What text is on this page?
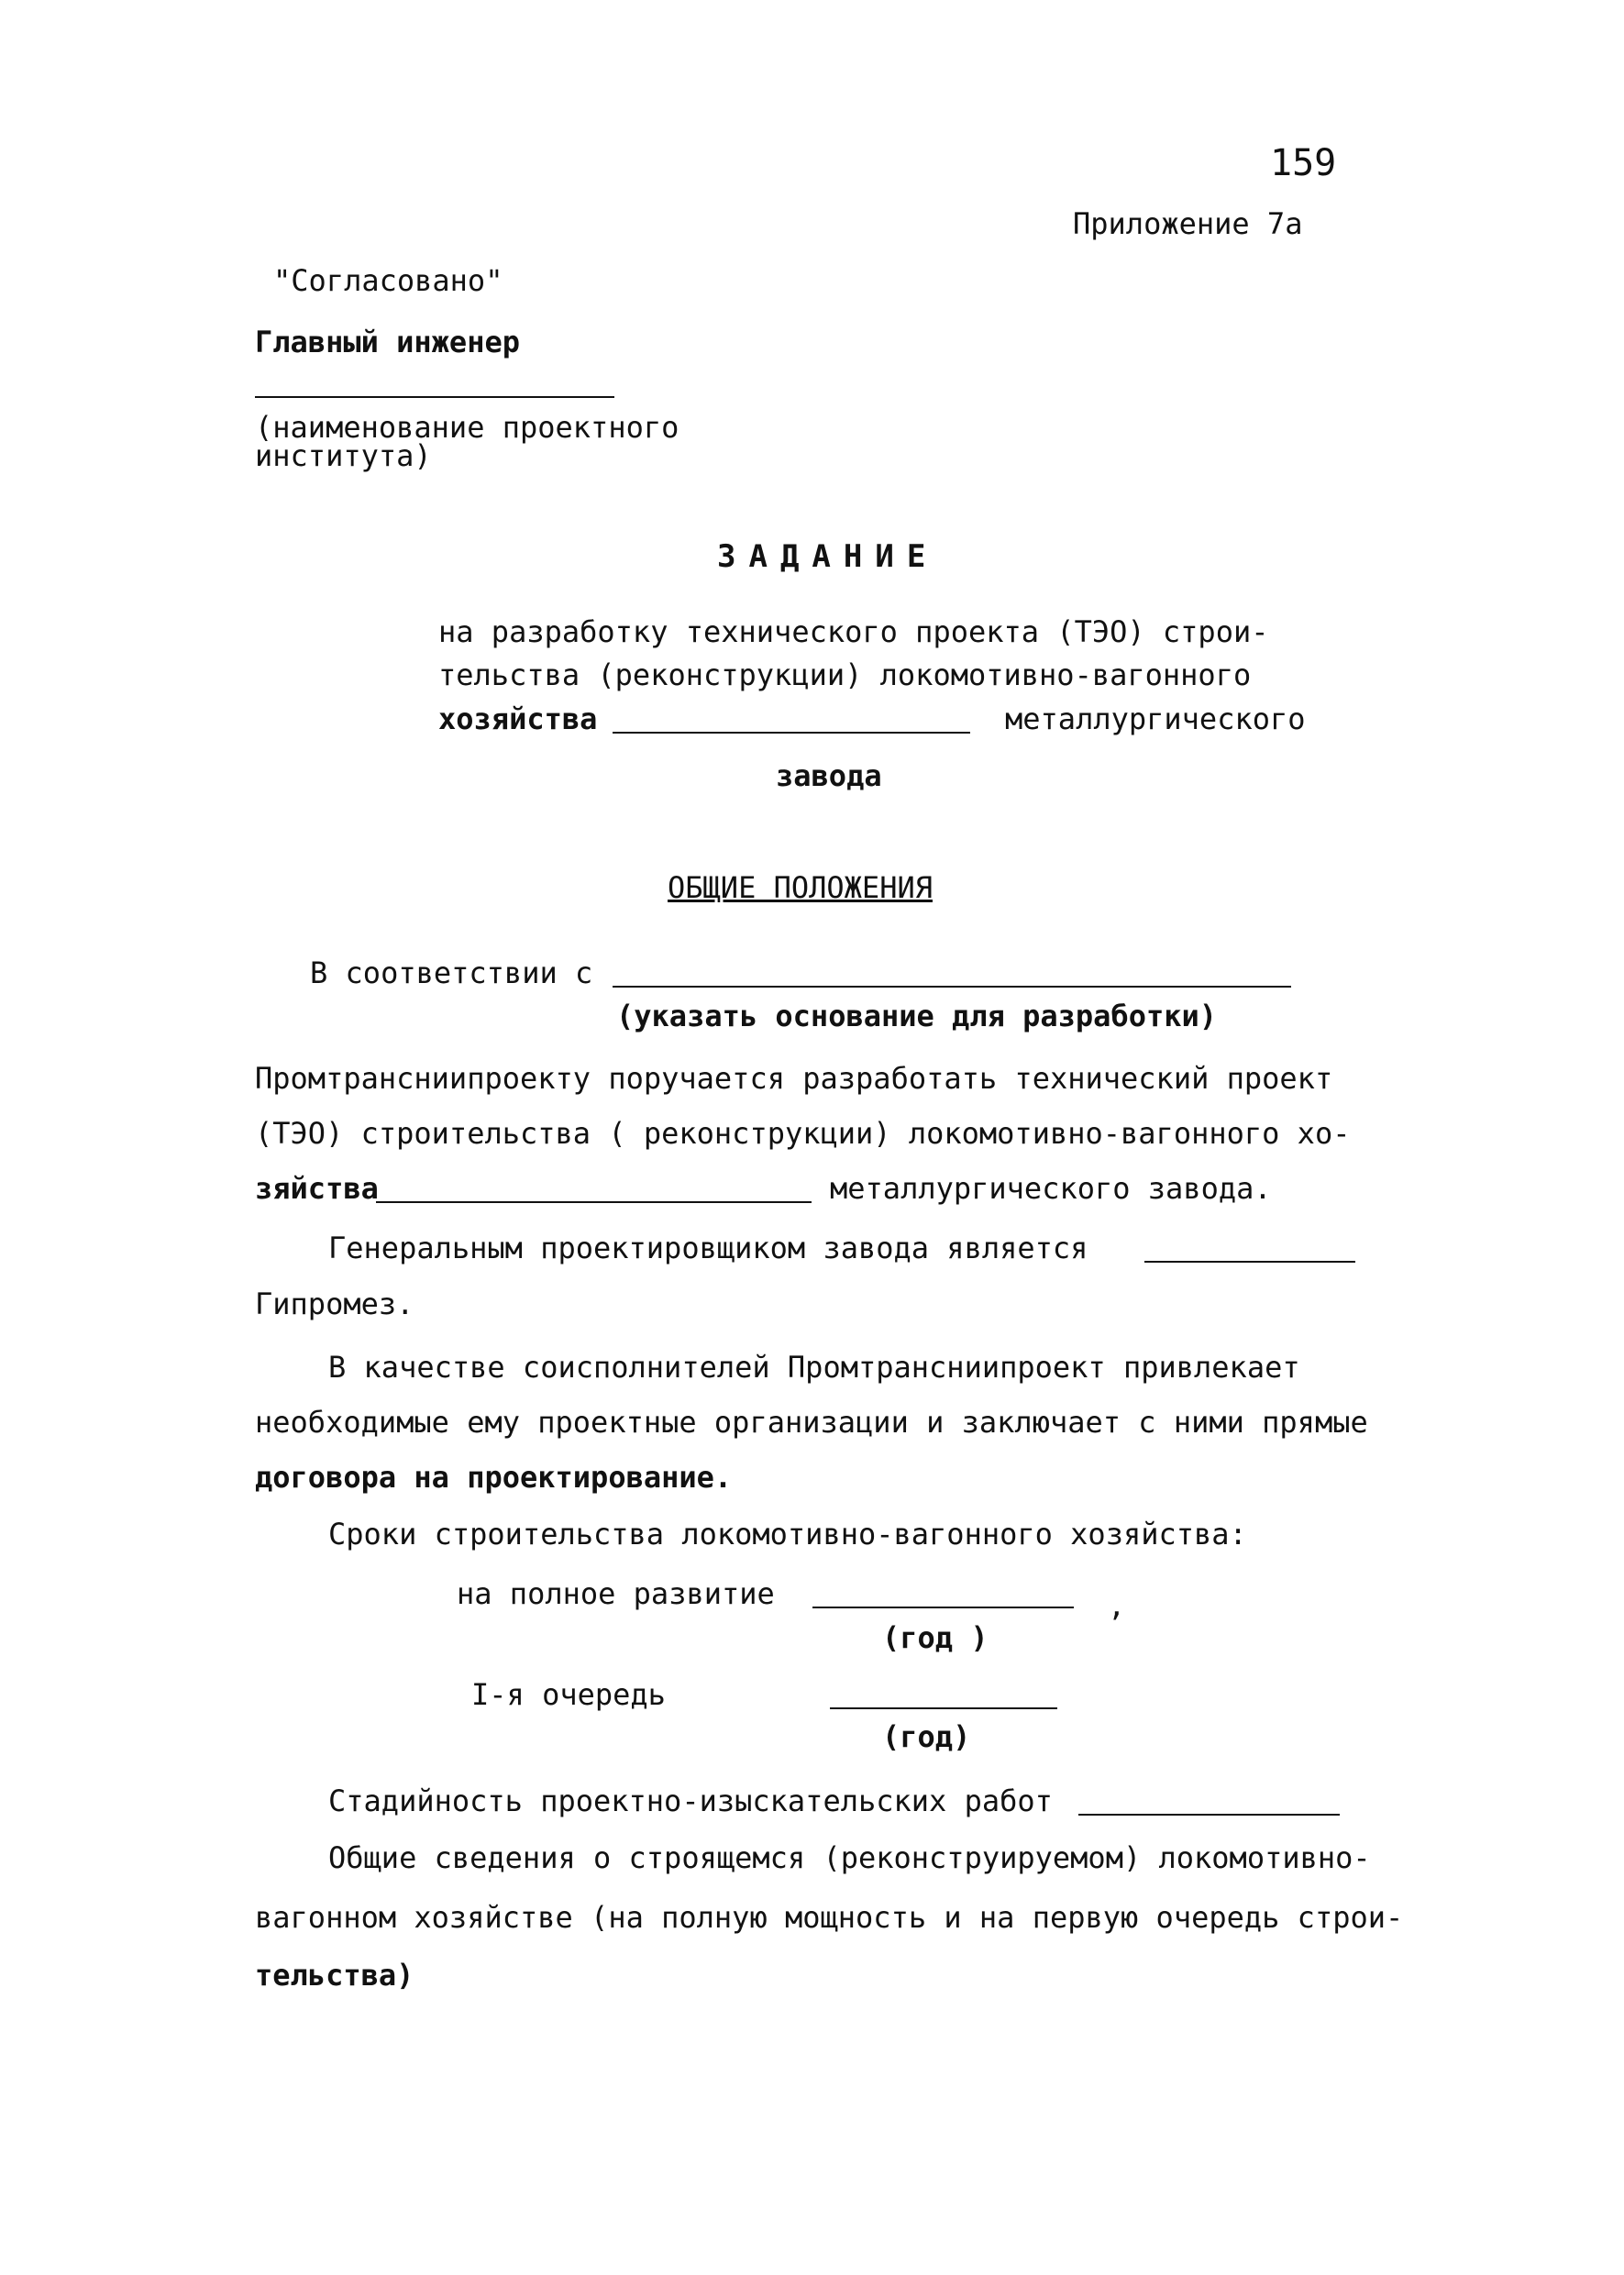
159
Приложение 7а
"Согласовано"
Главный инженер
(наименование проектного
института)
ЗАДАНИЕ
на разработку технического проекта (ТЭО) строи-
тельства (реконструкции) локомотивно-вагонного
хозяйства	металлургического
завода
ОБЩИЕ ПОЛОЖЕНИЯ
В соответствии с
(указать основание для разработки)
Промтрансниипроекту поручается разработать технический проект
(ТЭО) строительства ( реконструкции) локомотивно-вагонного хо-
зяйства	металлургического завода.
Генеральным проектировщиком завода является
Гипромез.
В качестве соисполнителей Промтрансниипроект привлекает
необходимые ему проектные организации и заключает с ними прямые
договора на проектирование.
Сроки строительства локомотивно-вагонного хозяйства:
на полное развитие	,
(год )
I-я очередь
(год)
Стадийность проектно-изыскательских работ
Общие сведения о строящемся (реконструируемом) локомотивно-
вагонном хозяйстве (на полную мощность и на первую очередь строи-
тельства)
